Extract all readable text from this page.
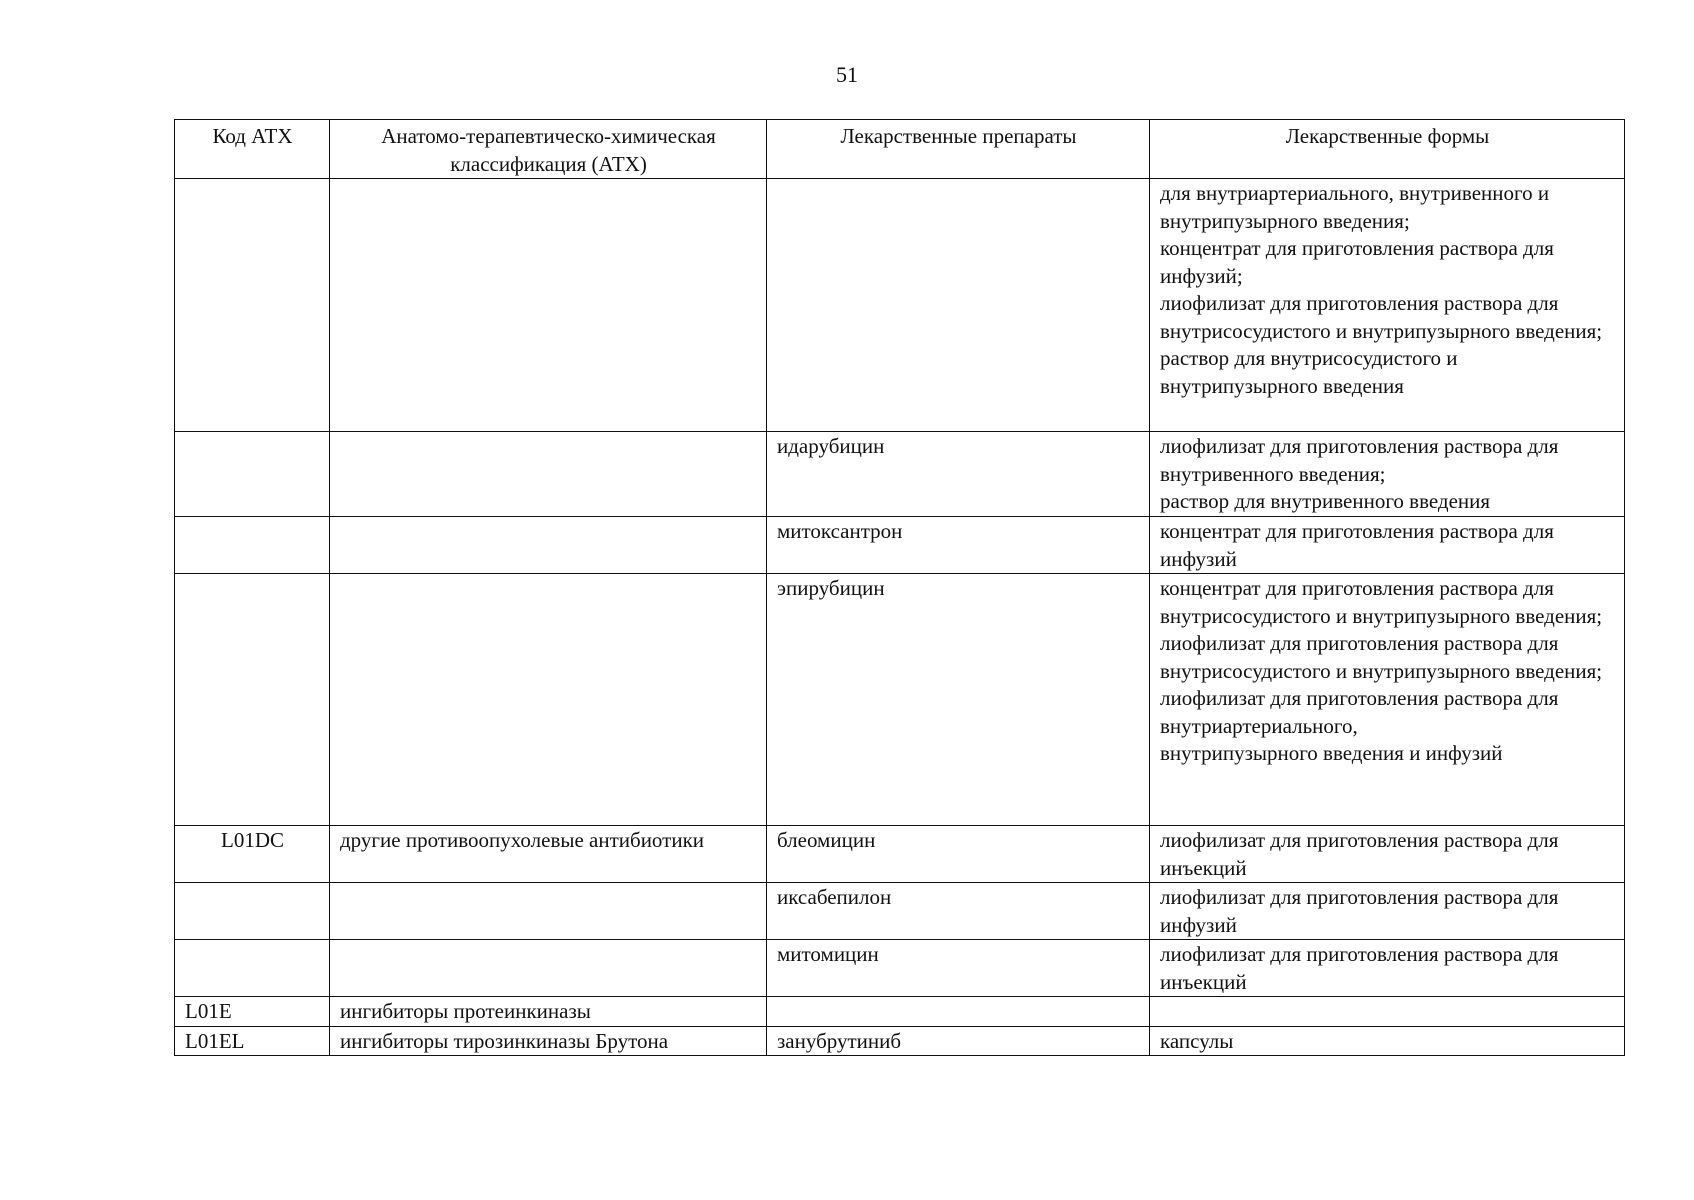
51
Код АТХ	Анатомо-терапевтическо-химическая классификация (АТХ)	Лекарственные препараты	Лекарственные формы
			для внутриартериального, внутривенного и внутрипузырного введения;
концентрат для приготовления раствора для инфузий;
лиофилизат для приготовления раствора для внутрисосудистого и внутрипузырного введения;
раствор для внутрисосудистого и внутрипузырного введения
		идарубицин	лиофилизат для приготовления раствора для внутривенного введения;
раствор для внутривенного введения
		митоксантрон	концентрат для приготовления раствора для инфузий
		эпирубицин	концентрат для приготовления раствора для внутрисосудистого и внутрипузырного введения;
лиофилизат для приготовления раствора для внутрисосудистого и внутрипузырного введения;
лиофилизат для приготовления раствора для внутриартериального,
внутрипузырного введения и инфузий
L01DC	другие противоопухолевые антибиотики	блеомицин	лиофилизат для приготовления раствора для инъекций
		иксабепилон	лиофилизат для приготовления раствора для инфузий
		митомицин	лиофилизат для приготовления раствора для инъекций
L01E	ингибиторы протеинкиназы		
L01EL	ингибиторы тирозинкиназы Брутона	занубрутиниб	капсулы
